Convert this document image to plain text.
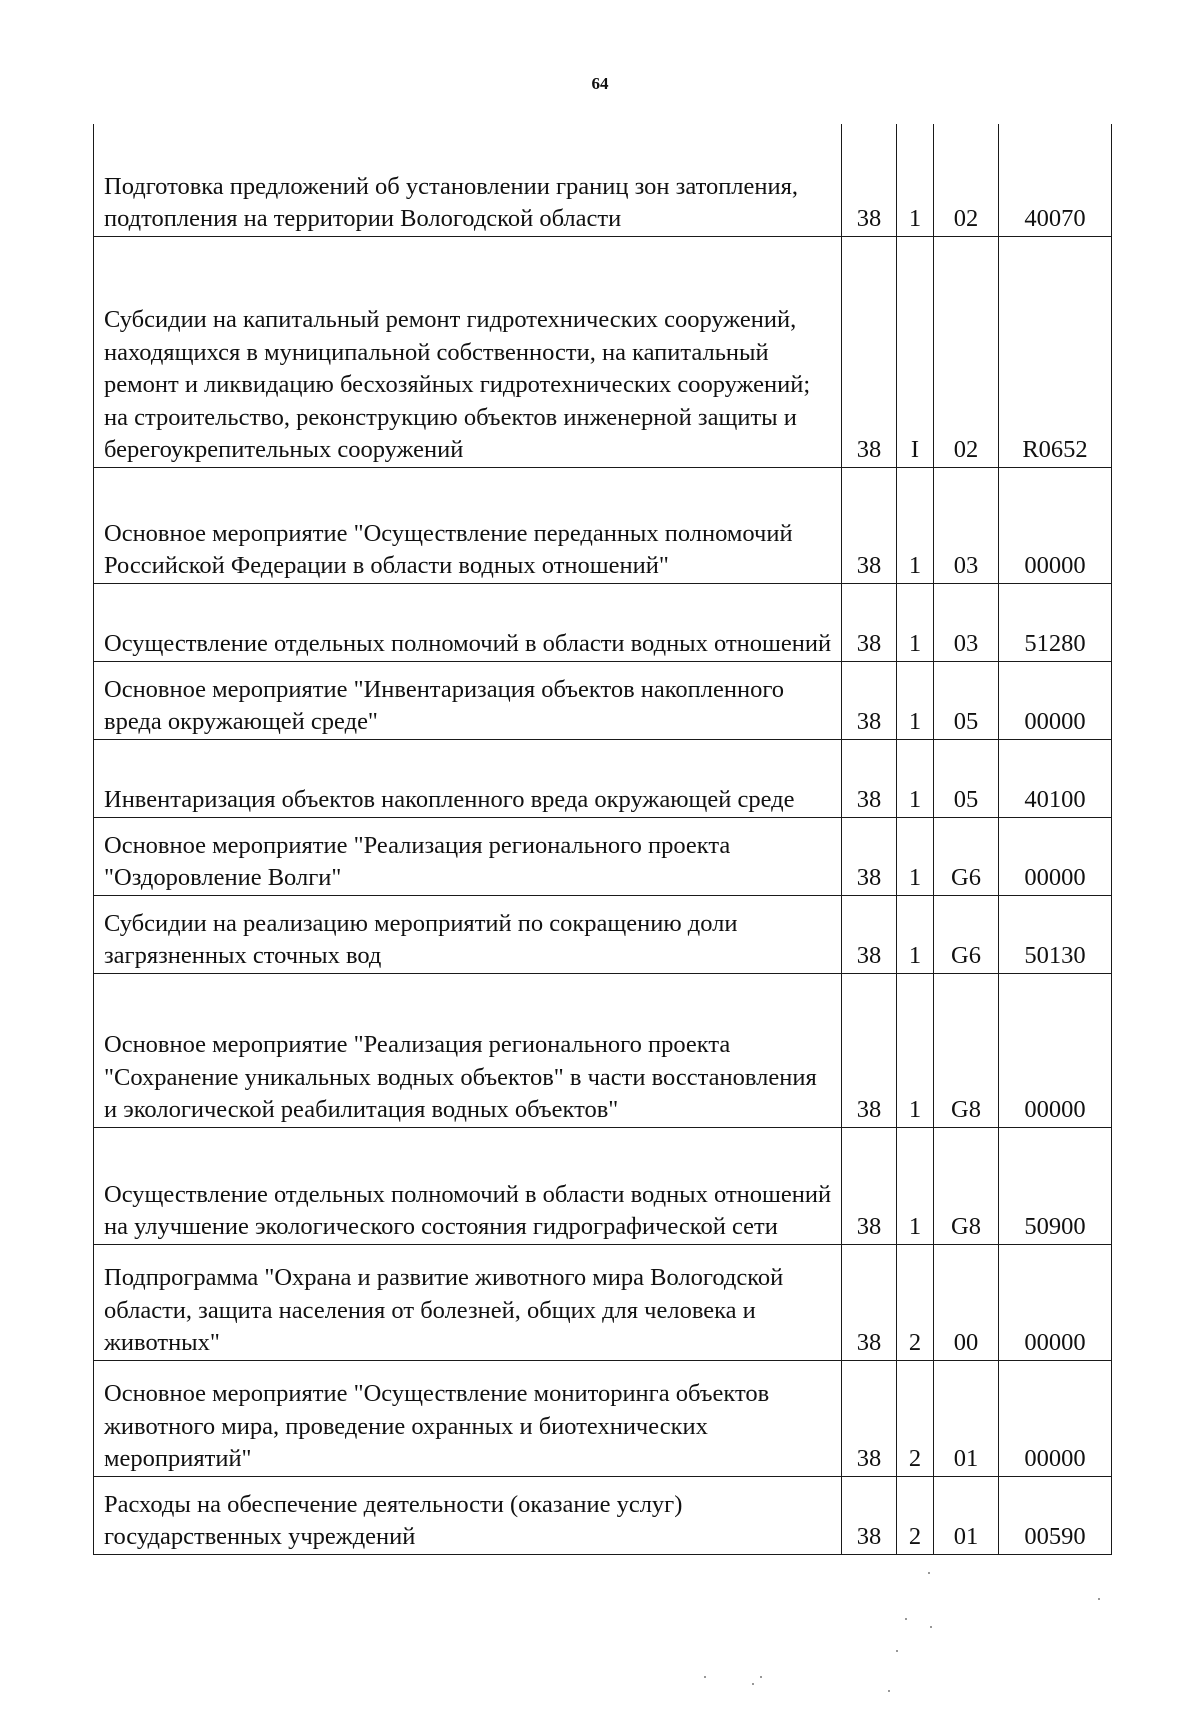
64
Подготовка предложений об установлении границ зон затопления, подтопления на территории Вологодской области	38	1	02	40070
Субсидии на капитальный ремонт гидротехнических сооружений, находящихся в муниципальной собственности, на капитальный ремонт и ликвидацию бесхозяйных гидротехнических сооружений; на строительство, реконструкцию объектов инженерной защиты и берегоукрепительных сооружений	38	I	02	R0652
Основное мероприятие "Осуществление переданных полномочий Российской Федерации в области водных отношений"	38	1	03	00000
Осуществление отдельных полномочий в области водных отношений	38	1	03	51280
Основное мероприятие "Инвентаризация объектов накопленного вреда окружающей среде"	38	1	05	00000
Инвентаризация объектов накопленного вреда окружающей среде	38	1	05	40100
Основное мероприятие "Реализация регионального проекта "Оздоровление Волги"	38	1	G6	00000
Субсидии на реализацию мероприятий по сокращению доли загрязненных сточных вод	38	1	G6	50130
Основное мероприятие "Реализация регионального проекта "Сохранение уникальных водных объектов" в части восстановления и экологической реабилитация водных объектов"	38	1	G8	00000
Осуществление отдельных полномочий в области водных отношений на улучшение экологического состояния гидрографической сети	38	1	G8	50900
Подпрограмма "Охрана и развитие животного мира Вологодской области, защита населения от болезней, общих для человека и животных"	38	2	00	00000
Основное мероприятие "Осуществление мониторинга объектов животного мира, проведение охранных и биотехнических мероприятий"	38	2	01	00000
Расходы на обеспечение деятельности (оказание услуг) государственных учреждений	38	2	01	00590
